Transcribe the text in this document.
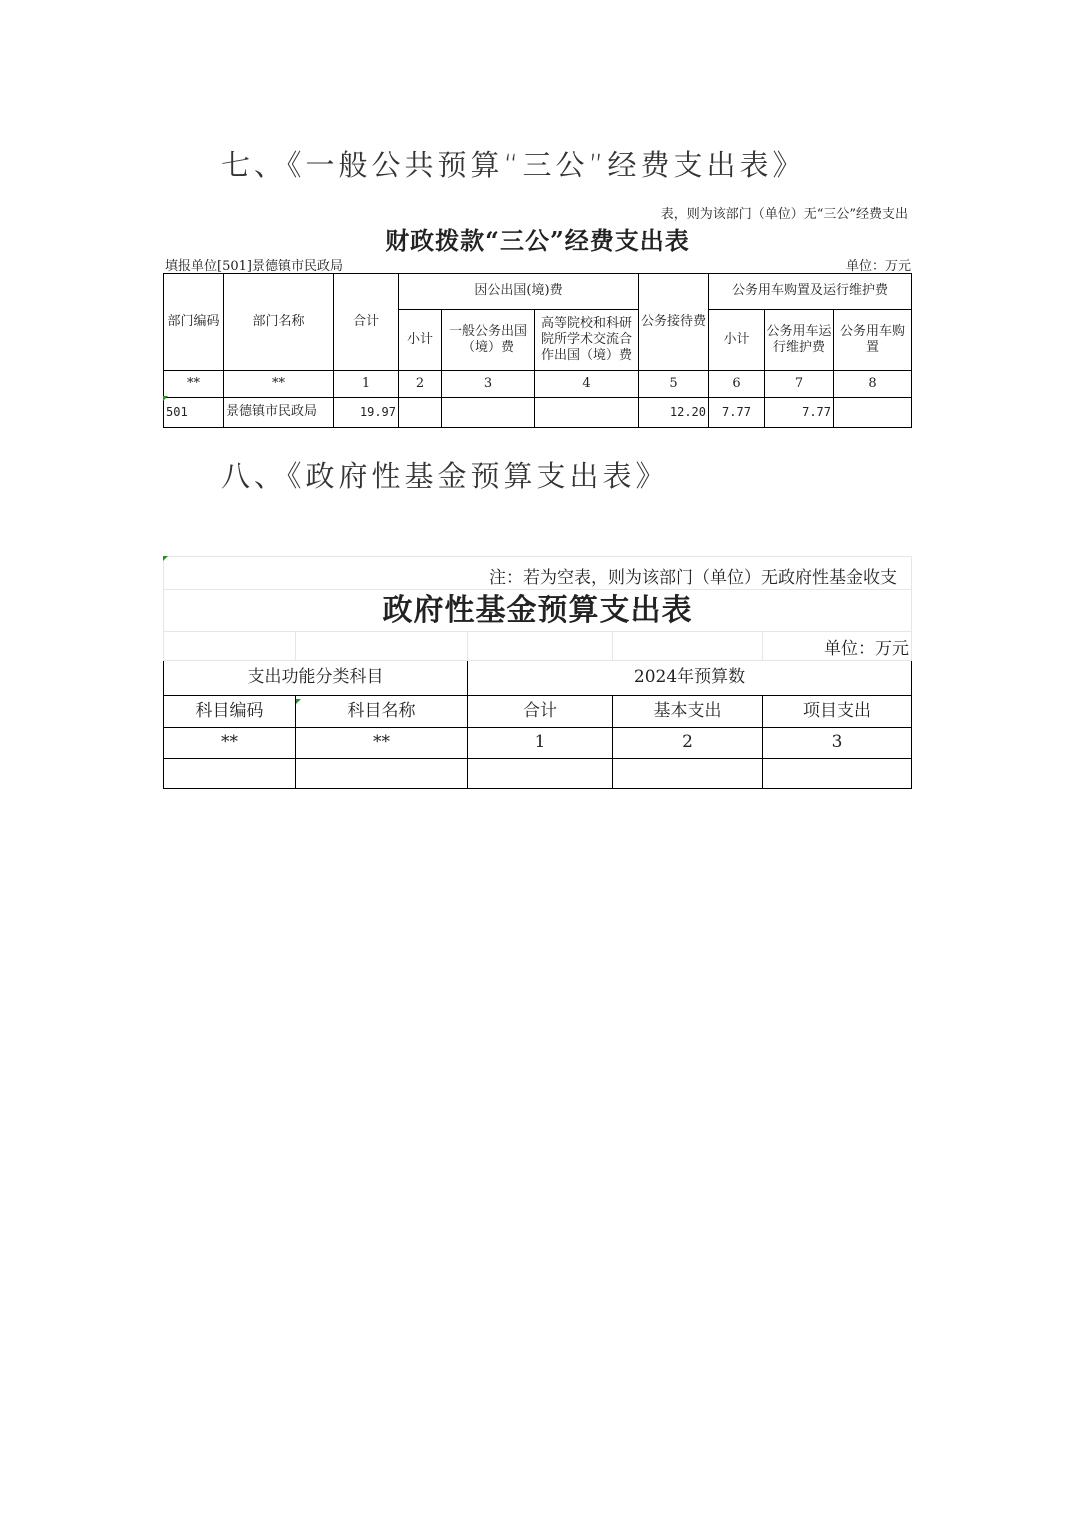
七、《一般公共预算“三公”经费支出表》
表，则为该部门（单位）无“三公”经费支出
财政拨款“三公”经费支出表
填报单位[501]景德镇市民政局	单位：万元
部门编码	部门名称	合计	因公出国(境)费			公务接待费	公务用车购置及运行维护费		
			小计	一般公务出国（境）费	高等院校和科研院所学术交流合作出国（境）费		小计	公务用车运行维护费	公务用车购置
**	**	1	2	3	4	5	6	7	8
501	景德镇市民政局	19.97				12.20	7.77	7.77	
八、《政府性基金预算支出表》
注：若为空表，则为该部门（单位）无政府性基金收支				
政府性基金预算支出表				
				单位：万元
支出功能分类科目		2024年预算数		
科目编码	科目名称	合计	基本支出	项目支出
**	**	1	2	3
